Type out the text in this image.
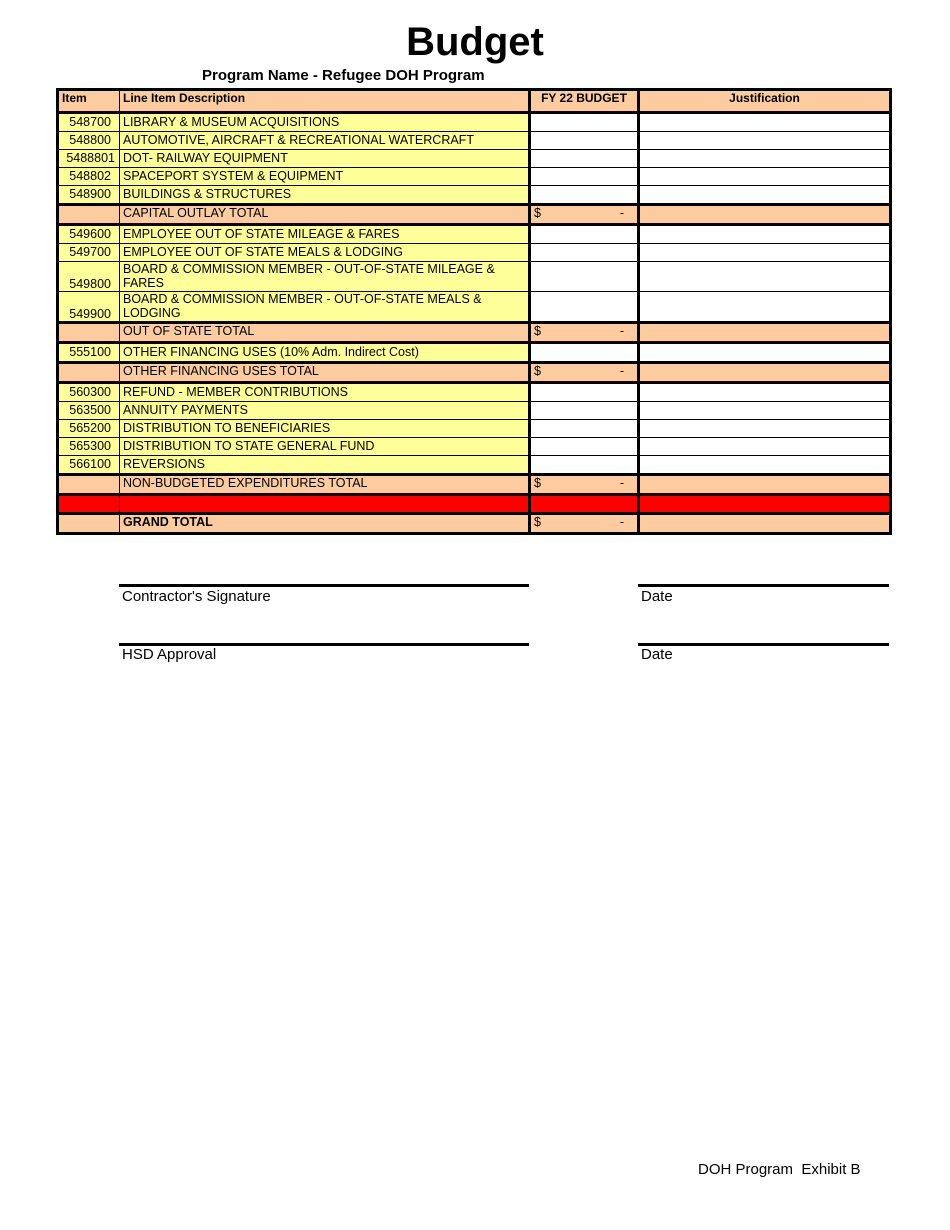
Budget
Program Name - Refugee DOH Program
Item	Line Item Description	FY 22 BUDGET	Justification
548700	LIBRARY & MUSEUM ACQUISITIONS		
548800	AUTOMOTIVE, AIRCRAFT & RECREATIONAL WATERCRAFT		
5488801	DOT- RAILWAY EQUIPMENT		
548802	SPACEPORT SYSTEM & EQUIPMENT		
548900	BUILDINGS & STRUCTURES		
	CAPITAL OUTLAY TOTAL	$ -	

549600	EMPLOYEE OUT OF STATE MILEAGE & FARES		
549700	EMPLOYEE OUT OF STATE MEALS & LODGING		
549800	BOARD & COMMISSION MEMBER - OUT-OF-STATE MILEAGE & FARES		
549900	BOARD & COMMISSION MEMBER - OUT-OF-STATE MEALS & LODGING		
	OUT OF STATE TOTAL	$ -	

555100	OTHER FINANCING USES (10% Adm. Indirect Cost)		
	OTHER FINANCING USES TOTAL	$ -	

560300	REFUND - MEMBER CONTRIBUTIONS		
563500	ANNUITY PAYMENTS		
565200	DISTRIBUTION TO BENEFICIARIES		
565300	DISTRIBUTION TO STATE GENERAL FUND		
566100	REVERSIONS		
	NON-BUDGETED EXPENDITURES TOTAL	$ -	

	GRAND TOTAL	$ -	

Contractor's Signature	Date
HSD Approval	Date
DOH Program  Exhibit B
